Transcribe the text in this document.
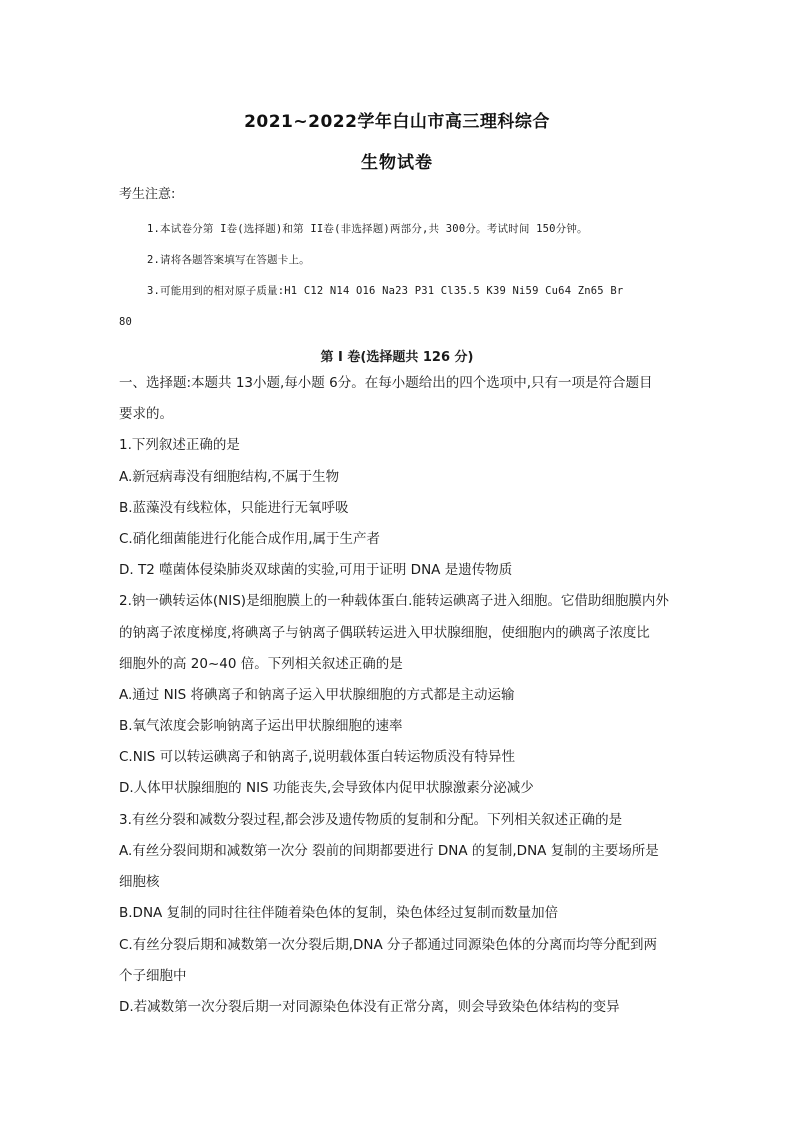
2021~2022学年白山市高三理科综合
生物试卷
考生注意:
1.本试卷分第 I卷(选择题)和第 II卷(非选择题)两部分,共 300分。考试时间 150分钟。
2.请将各题答案填写在答题卡上。
3.可能用到的相对原子质量:H1 C12 N14 O16 Na23 P31 Cl35.5 K39 Ni59 Cu64 Zn65 Br
80
第 I 卷(选择题共 126 分)
一、选择题:本题共 13小题,每小题 6分。在每小题给出的四个选项中,只有一项是符合题目
要求的。
1.下列叙述正确的是
A.新冠病毒没有细胞结构,不属于生物
B.蓝藻没有线粒体，只能进行无氧呼吸
C.硝化细菌能进行化能合成作用,属于生产者
D. T2 噬菌体侵染肺炎双球菌的实验,可用于证明 DNA 是遗传物质
2.钠一碘转运体(NIS)是细胞膜上的一种载体蛋白.能转运碘离子进入细胞。它借助细胞膜内外
的钠离子浓度梯度,将碘离子与钠离子偶联转运进入甲状腺细胞，使细胞内的碘离子浓度比
细胞外的高 20~40 倍。下列相关叙述正确的是
A.通过 NIS 将碘离子和钠离子运入甲状腺细胞的方式都是主动运输
B.氧气浓度会影响钠离子运出甲状腺细胞的速率
C.NIS 可以转运碘离子和钠离子,说明载体蛋白转运物质没有特异性
D.人体甲状腺细胞的 NIS 功能丧失,会导致体内促甲状腺激素分泌减少
3.有丝分裂和减数分裂过程,都会涉及遗传物质的复制和分配。下列相关叙述正确的是
A.有丝分裂间期和减数第一次分 裂前的间期都要进行 DNA 的复制,DNA 复制的主要场所是
细胞核
B.DNA 复制的同时往往伴随着染色体的复制，染色体经过复制而数量加倍
C.有丝分裂后期和减数第一次分裂后期,DNA 分子都通过同源染色体的分离而均等分配到两
个子细胞中
D.若减数第一次分裂后期一对同源染色体没有正常分离，则会导致染色体结构的变异
